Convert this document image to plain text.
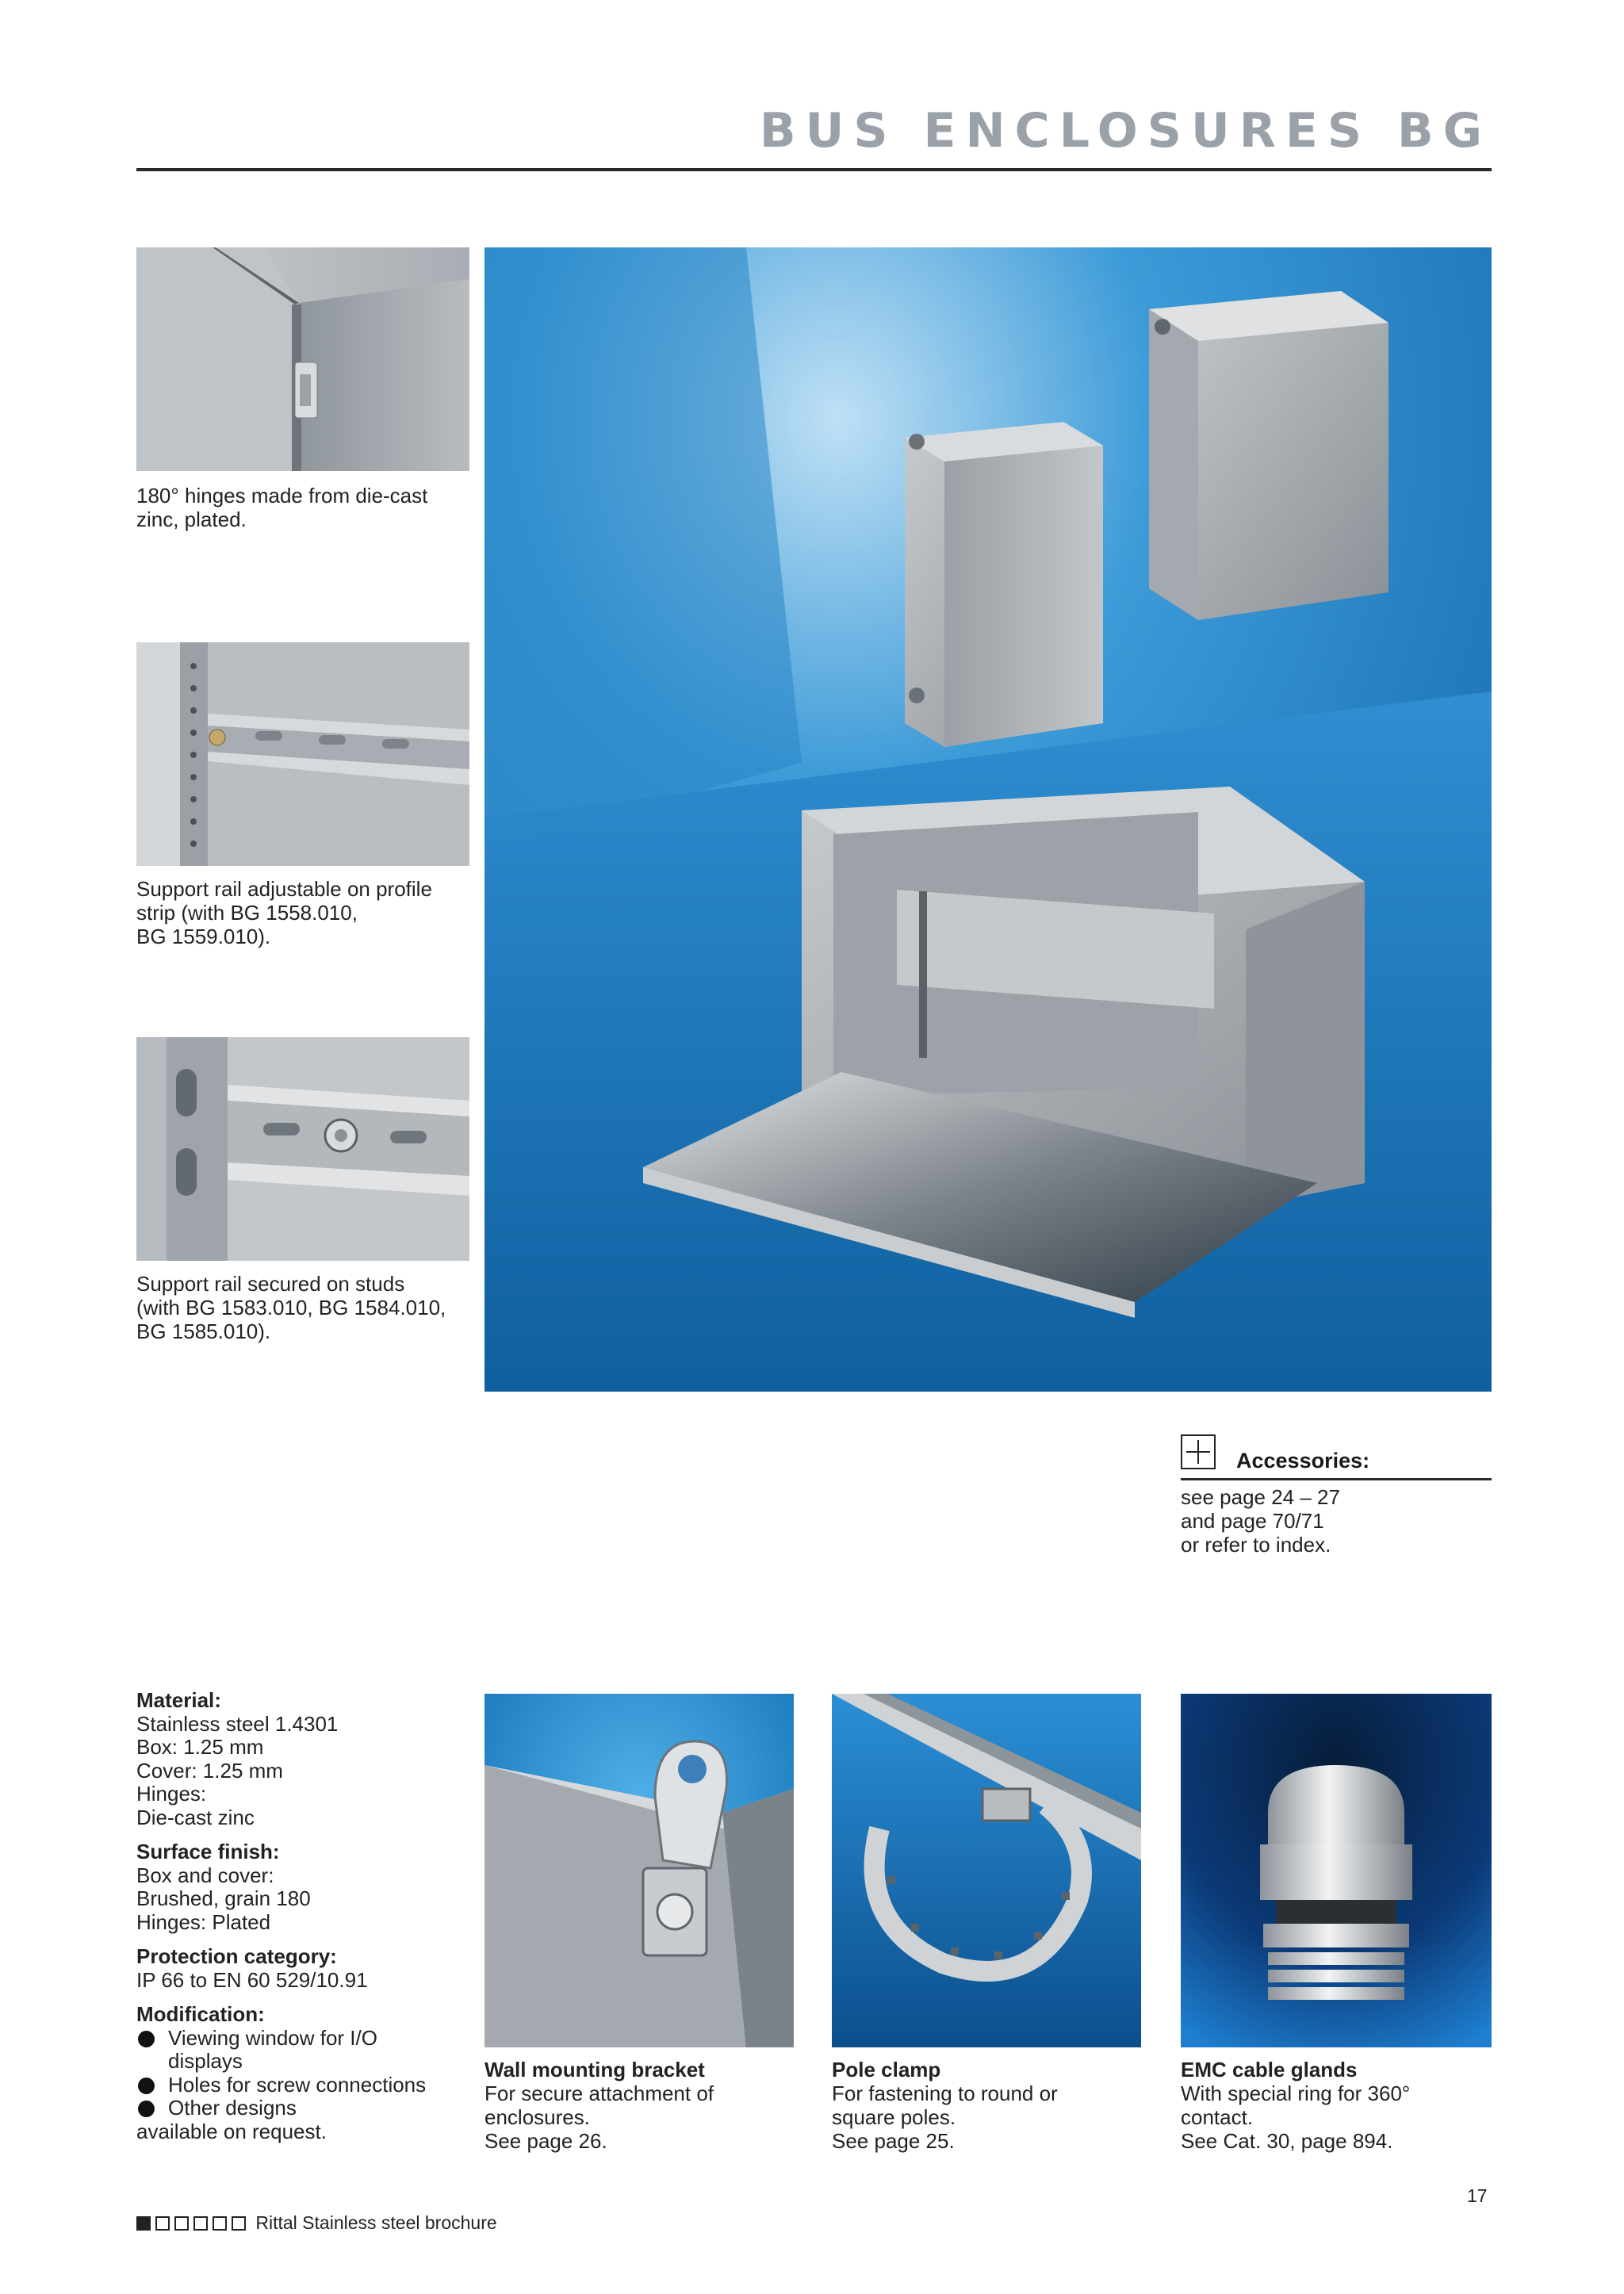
BUS ENCLOSURES BG
180° hinges made from die-cast
zinc, plated.
Support rail adjustable on profile
strip (with BG 1558.010,
BG 1559.010).
Support rail secured on studs
(with BG 1583.010, BG 1584.010,
BG 1585.010).
Accessories:
see page 24 – 27
and page 70/71
or refer to index.
Material:
Stainless steel 1.4301
Box: 1.25 mm
Cover: 1.25 mm
Hinges:
Die-cast zinc
Surface finish:
Box and cover:
Brushed, grain 180
Hinges: Plated
Protection category:
IP 66 to EN 60 529/10.91
Modification:
Viewing window for I/O
displays
Holes for screw connections
Other designs
available on request.
Wall mounting bracket
For secure attachment of
enclosures.
See page 26.
Pole clamp
For fastening to round or
square poles.
See page 25.
EMC cable glands
With special ring for 360°
contact.
See Cat. 30, page 894.
17
Rittal Stainless steel brochure
